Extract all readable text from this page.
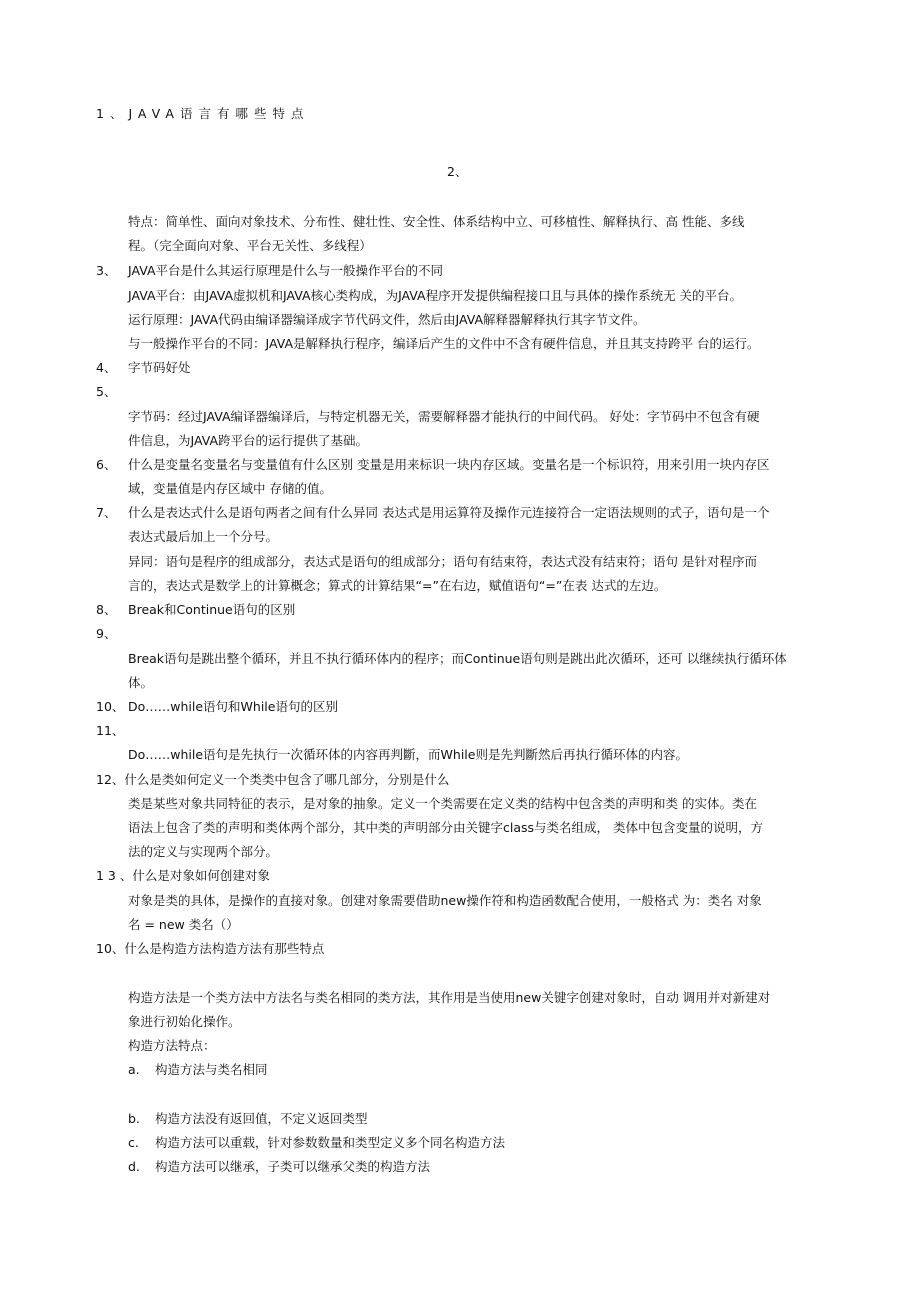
1、JAVA语言有哪些特点
2、
特点：简单性、面向对象技术、分布性、健壮性、安全性、体系结构中立、可移植性、解释执行、高 性能、多线
程。（完全面向对象、平台无关性、多线程）
3、 JAVA平台是什么其运行原理是什么与一般操作平台的不同
JAVA平台：由JAVA虚拟机和JAVA核心类构成，为JAVA程序开发提供编程接口且与具体的操作系统无 关的平台。
运行原理：JAVA代码由编译器编译成字节代码文件，然后由JAVA解释器解释执行其字节文件。
与一般操作平台的不同：JAVA是解释执行程序，编译后产生的文件中不含有硬件信息，并且其支持跨平 台的运行。
4、 字节码好处
5、
字节码：经过JAVA编译器编译后，与特定机器无关，需要解释器才能执行的中间代码。 好处：字节码中不包含有硬
件信息，为JAVA跨平台的运行提供了基础。
6、 什么是变量名变量名与变量值有什么区别 变量是用来标识一块内存区域。变量名是一个标识符，用来引用一块内存区
域，变量值是内存区域中 存储的值。
7、 什么是表达式什么是语句两者之间有什么异同 表达式是用运算符及操作元连接符合一定语法规则的式子，语句是一个
表达式最后加上一个分号。
异同：语句是程序的组成部分，表达式是语句的组成部分；语句有结束符，表达式没有结束符；语句 是针对程序而
言的，表达式是数学上的计算概念；算式的计算结果“=”在右边，赋值语句“=”在表 达式的左边。
8、 Break和Continue语句的区别
9、
Break语句是跳出整个循环，并且不执行循环体内的程序；而Continue语句则是跳出此次循环，还可 以继续执行循环体
体。
10、 Do……while语句和While语句的区别
11、
Do……while语句是先执行一次循环体的内容再判斷，而While则是先判斷然后再执行循环体的内容。
12、什么是类如何定义一个类类中包含了哪几部分，分别是什么
类是某些对象共同特征的表示，是对象的抽象。定义一个类需要在定义类的结构中包含类的声明和类 的实体。类在
语法上包含了类的声明和类体两个部分，其中类的声明部分由关键字class与类名组成， 类体中包含变量的说明，方
法的定义与实现两个部分。
1 3 、什么是对象如何创建对象
对象是类的具体，是操作的直接对象。创建对象需要借助new操作符和构造函数配合使用，一般格式 为：类名 对象
名 = new 类名（）
10、什么是构造方法构造方法有那些特点
构造方法是一个类方法中方法名与类名相同的类方法，其作用是当使用new关键字创建对象时，自动 调用并对新建对
象进行初始化操作。
构造方法特点：
a. 构造方法与类名相同
b. 构造方法没有返回值，不定义返回类型
c. 构造方法可以重载，针对参数数量和类型定义多个同名构造方法
d. 构造方法可以继承，子类可以继承父类的构造方法
